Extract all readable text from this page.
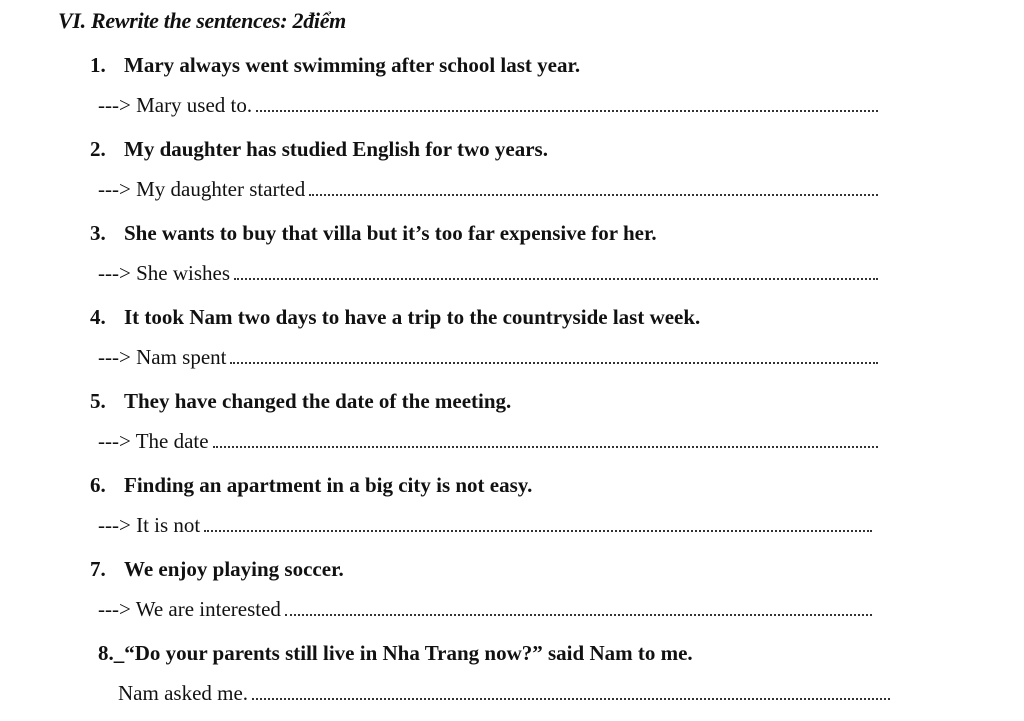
VI. Rewrite the sentences: 2điểm
1. Mary always went swimming after school last year.
---> Mary used to.
2. My daughter has studied English for two years.
---> My daughter started
3. She wants to buy that villa but it’s too far expensive for her.
---> She wishes
4. It took Nam two days to have a trip to the countryside last week.
---> Nam spent
5. They have changed the date of the meeting.
---> The date
6. Finding an apartment in a big city is not easy.
---> It is not
7. We enjoy playing soccer.
---> We are interested
8._“Do your parents still live in Nha Trang now?” said Nam to me.
Nam asked me.
